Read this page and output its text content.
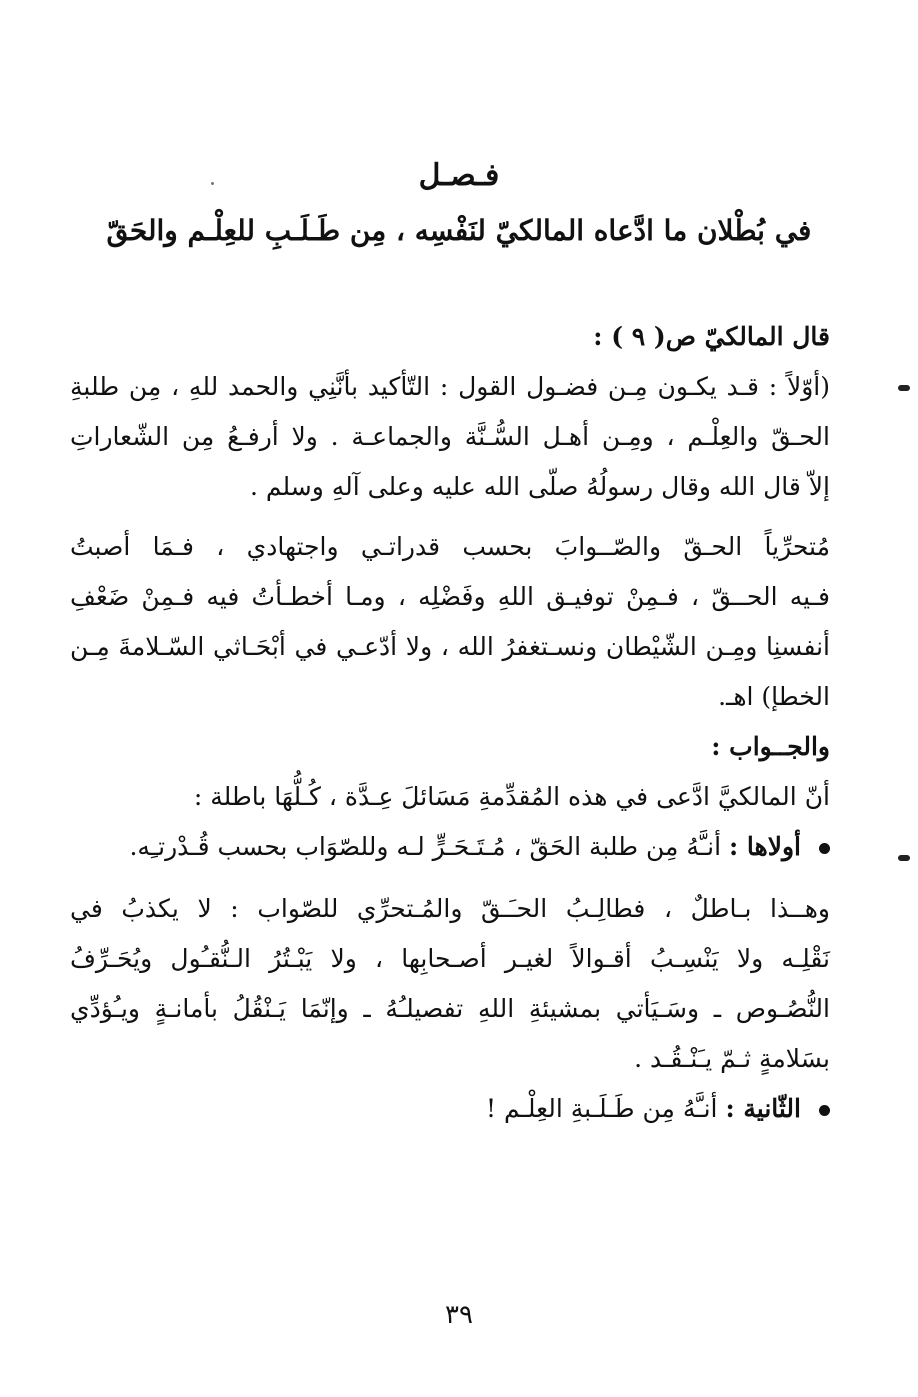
فـصـل
في بُطْلان ما ادَّعاه المالكيّ لنَفْسِه ، مِن طَـلَـبِ للعِلْـم والحَقّ
قال المالكيّ ص( ٩ ) :
(أوّلاً : قـد يكـون مِـن فضـول القول : التّأكيد بأنَّنِي والحمد للهِ ، مِن طلبةِ
الحـقّ والعِلْـم ، ومِـن أهـل السُّـنَّة والجماعـة . ولا أرفـعُ مِن الشّعاراتِ
إلاّ قال الله وقال رسولُهُ صلّى الله عليه وعلى آلهِ وسلم .
مُتحرِّياً الحـقّ والصّــوابَ بحسب قدراتـي واجتهادي ، فـمَا أصبتُ
فـيه الحــقّ ، فـمِنْ توفيـق اللهِ وفَضْلِه ، ومـا أخطـأتُ فيه فـمِنْ ضَعْفِ
أنفسنِا ومِـن الشّيْطان ونسـتغفرُ الله ، ولا أدّعـي في أبْحَـاثي السّـلامةَ مِـن
الخطإ) اهـ.
والجــواب :
أنّ المالكيَّ ادَّعى في هذه المُقدِّمةِ مَسَائلَ عِـدَّة ، كُـلُّهَا باطلة :
أولاها : أنـَّهُ مِن طلبة الحَقّ ، مُـتَـحَـرٍّ لـه وللصّوَاب بحسب قُـدْرتـِه.
وهــذا بـاطلٌ ، فطالِـبُ الحـَـقّ والمُـتحرِّي للصّواب : لا يكذبُ في
نَقْلِـه ولا يَنْسِـبُ أقـوالاً لغيـر أصـحابِها ، ولا يَبْـتُرُ الـنُّقـُول ويُحَـرِّفُ
النُّصُـوص ـ وسَـيَأتي بمشيئةِ اللهِ تفصيلـُهُ ـ وإنّمَا يَـنْقُلُ بأمانـةٍ ويـُؤدِّي
بسَلامةٍ ثـمّ يـَنْـقُـد .
الثّانية : أنـَّهُ مِن طَـلَـبةِ العِلْـم !
٣٩
